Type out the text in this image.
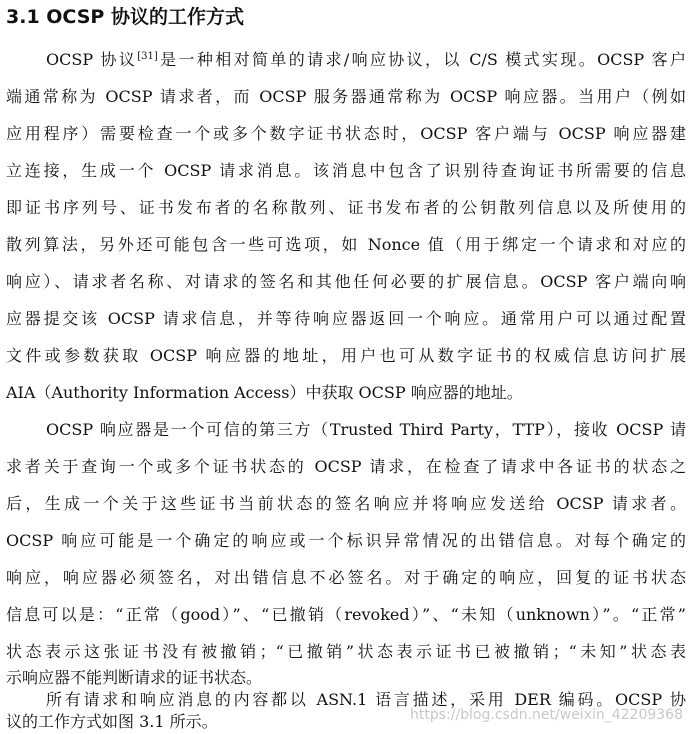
3.1 OCSP 协议的工作方式
OCSP 协议[31]是一种相对简单的请求/响应协议，以 C/S 模式实现。OCSP 客户
端通常称为 OCSP 请求者，而 OCSP 服务器通常称为 OCSP 响应器。当用户（例如
应用程序）需要检查一个或多个数字证书状态时，OCSP 客户端与 OCSP 响应器建
立连接，生成一个 OCSP 请求消息。该消息中包含了识别待查询证书所需要的信息
即证书序列号、证书发布者的名称散列、证书发布者的公钥散列信息以及所使用的
散列算法，另外还可能包含一些可选项，如 Nonce 值（用于绑定一个请求和对应的
响应）、请求者名称、对请求的签名和其他任何必要的扩展信息。OCSP 客户端向响
应器提交该 OCSP 请求信息，并等待响应器返回一个响应。通常用户可以通过配置
文件或参数获取 OCSP 响应器的地址，用户也可从数字证书的权威信息访问扩展
AIA（Authority Information Access）中获取 OCSP 响应器的地址。
OCSP 响应器是一个可信的第三方（Trusted Third Party，TTP），接收 OCSP 请
求者关于查询一个或多个证书状态的 OCSP 请求，在检查了请求中各证书的状态之
后，生成一个关于这些证书当前状态的签名响应并将响应发送给 OCSP 请求者。
OCSP 响应可能是一个确定的响应或一个标识异常情况的出错信息。对每个确定的
响应，响应器必须签名，对出错信息不必签名。对于确定的响应，回复的证书状态
信息可以是：“正常（good）”、“已撤销（revoked）”、“未知（unknown）”。“正常”
状态表示这张证书没有被撤销；“已撤销”状态表示证书已被撤销；“未知”状态表
示响应器不能判断请求的证书状态。
所有请求和响应消息的内容都以 ASN.1 语言描述，采用 DER 编码。OCSP 协
议的工作方式如图 3.1 所示。	https://blog.csdn.net/weixin_42209368
